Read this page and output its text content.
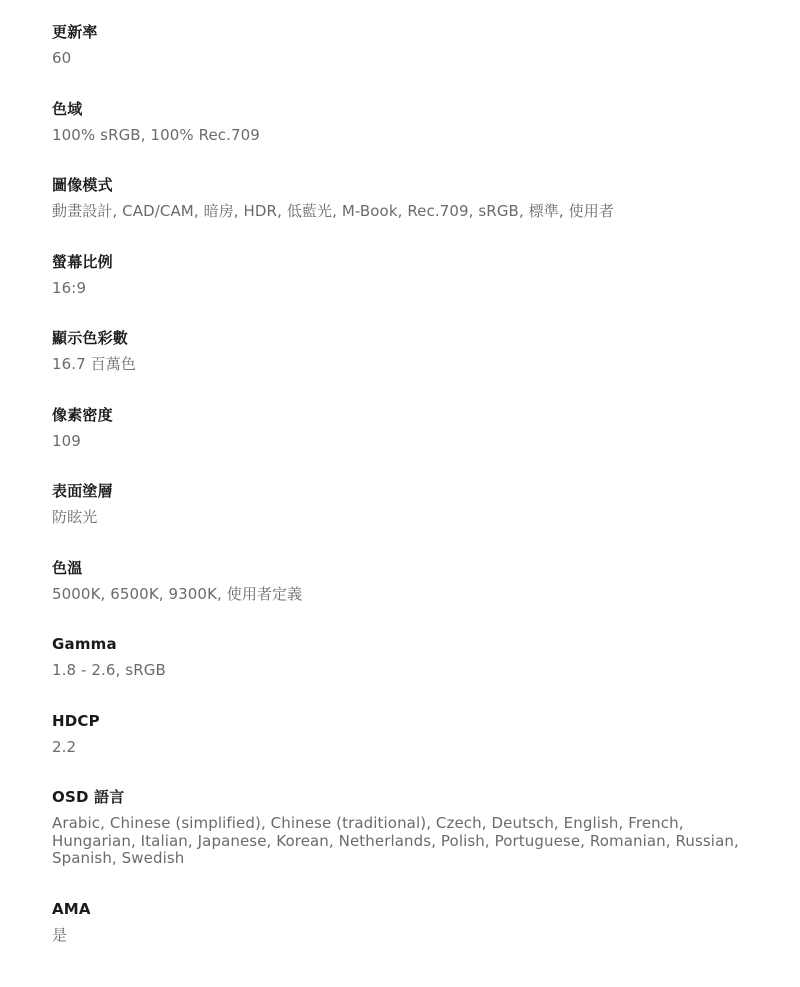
更新率
60
色域
100% sRGB, 100% Rec.709
圖像模式
動畫設計, CAD/CAM, 暗房, HDR, 低藍光, M-Book, Rec.709, sRGB, 標準, 使用者
螢幕比例
16:9
顯示色彩數
16.7 百萬色
像素密度
109
表面塗層
防眩光
色溫
5000K, 6500K, 9300K, 使用者定義
Gamma
1.8 - 2.6, sRGB
HDCP
2.2
OSD 語言
Arabic, Chinese (simplified), Chinese (traditional), Czech, Deutsch, English, French, Hungarian, Italian, Japanese, Korean, Netherlands, Polish, Portuguese, Romanian, Russian, Spanish, Swedish
AMA
是
